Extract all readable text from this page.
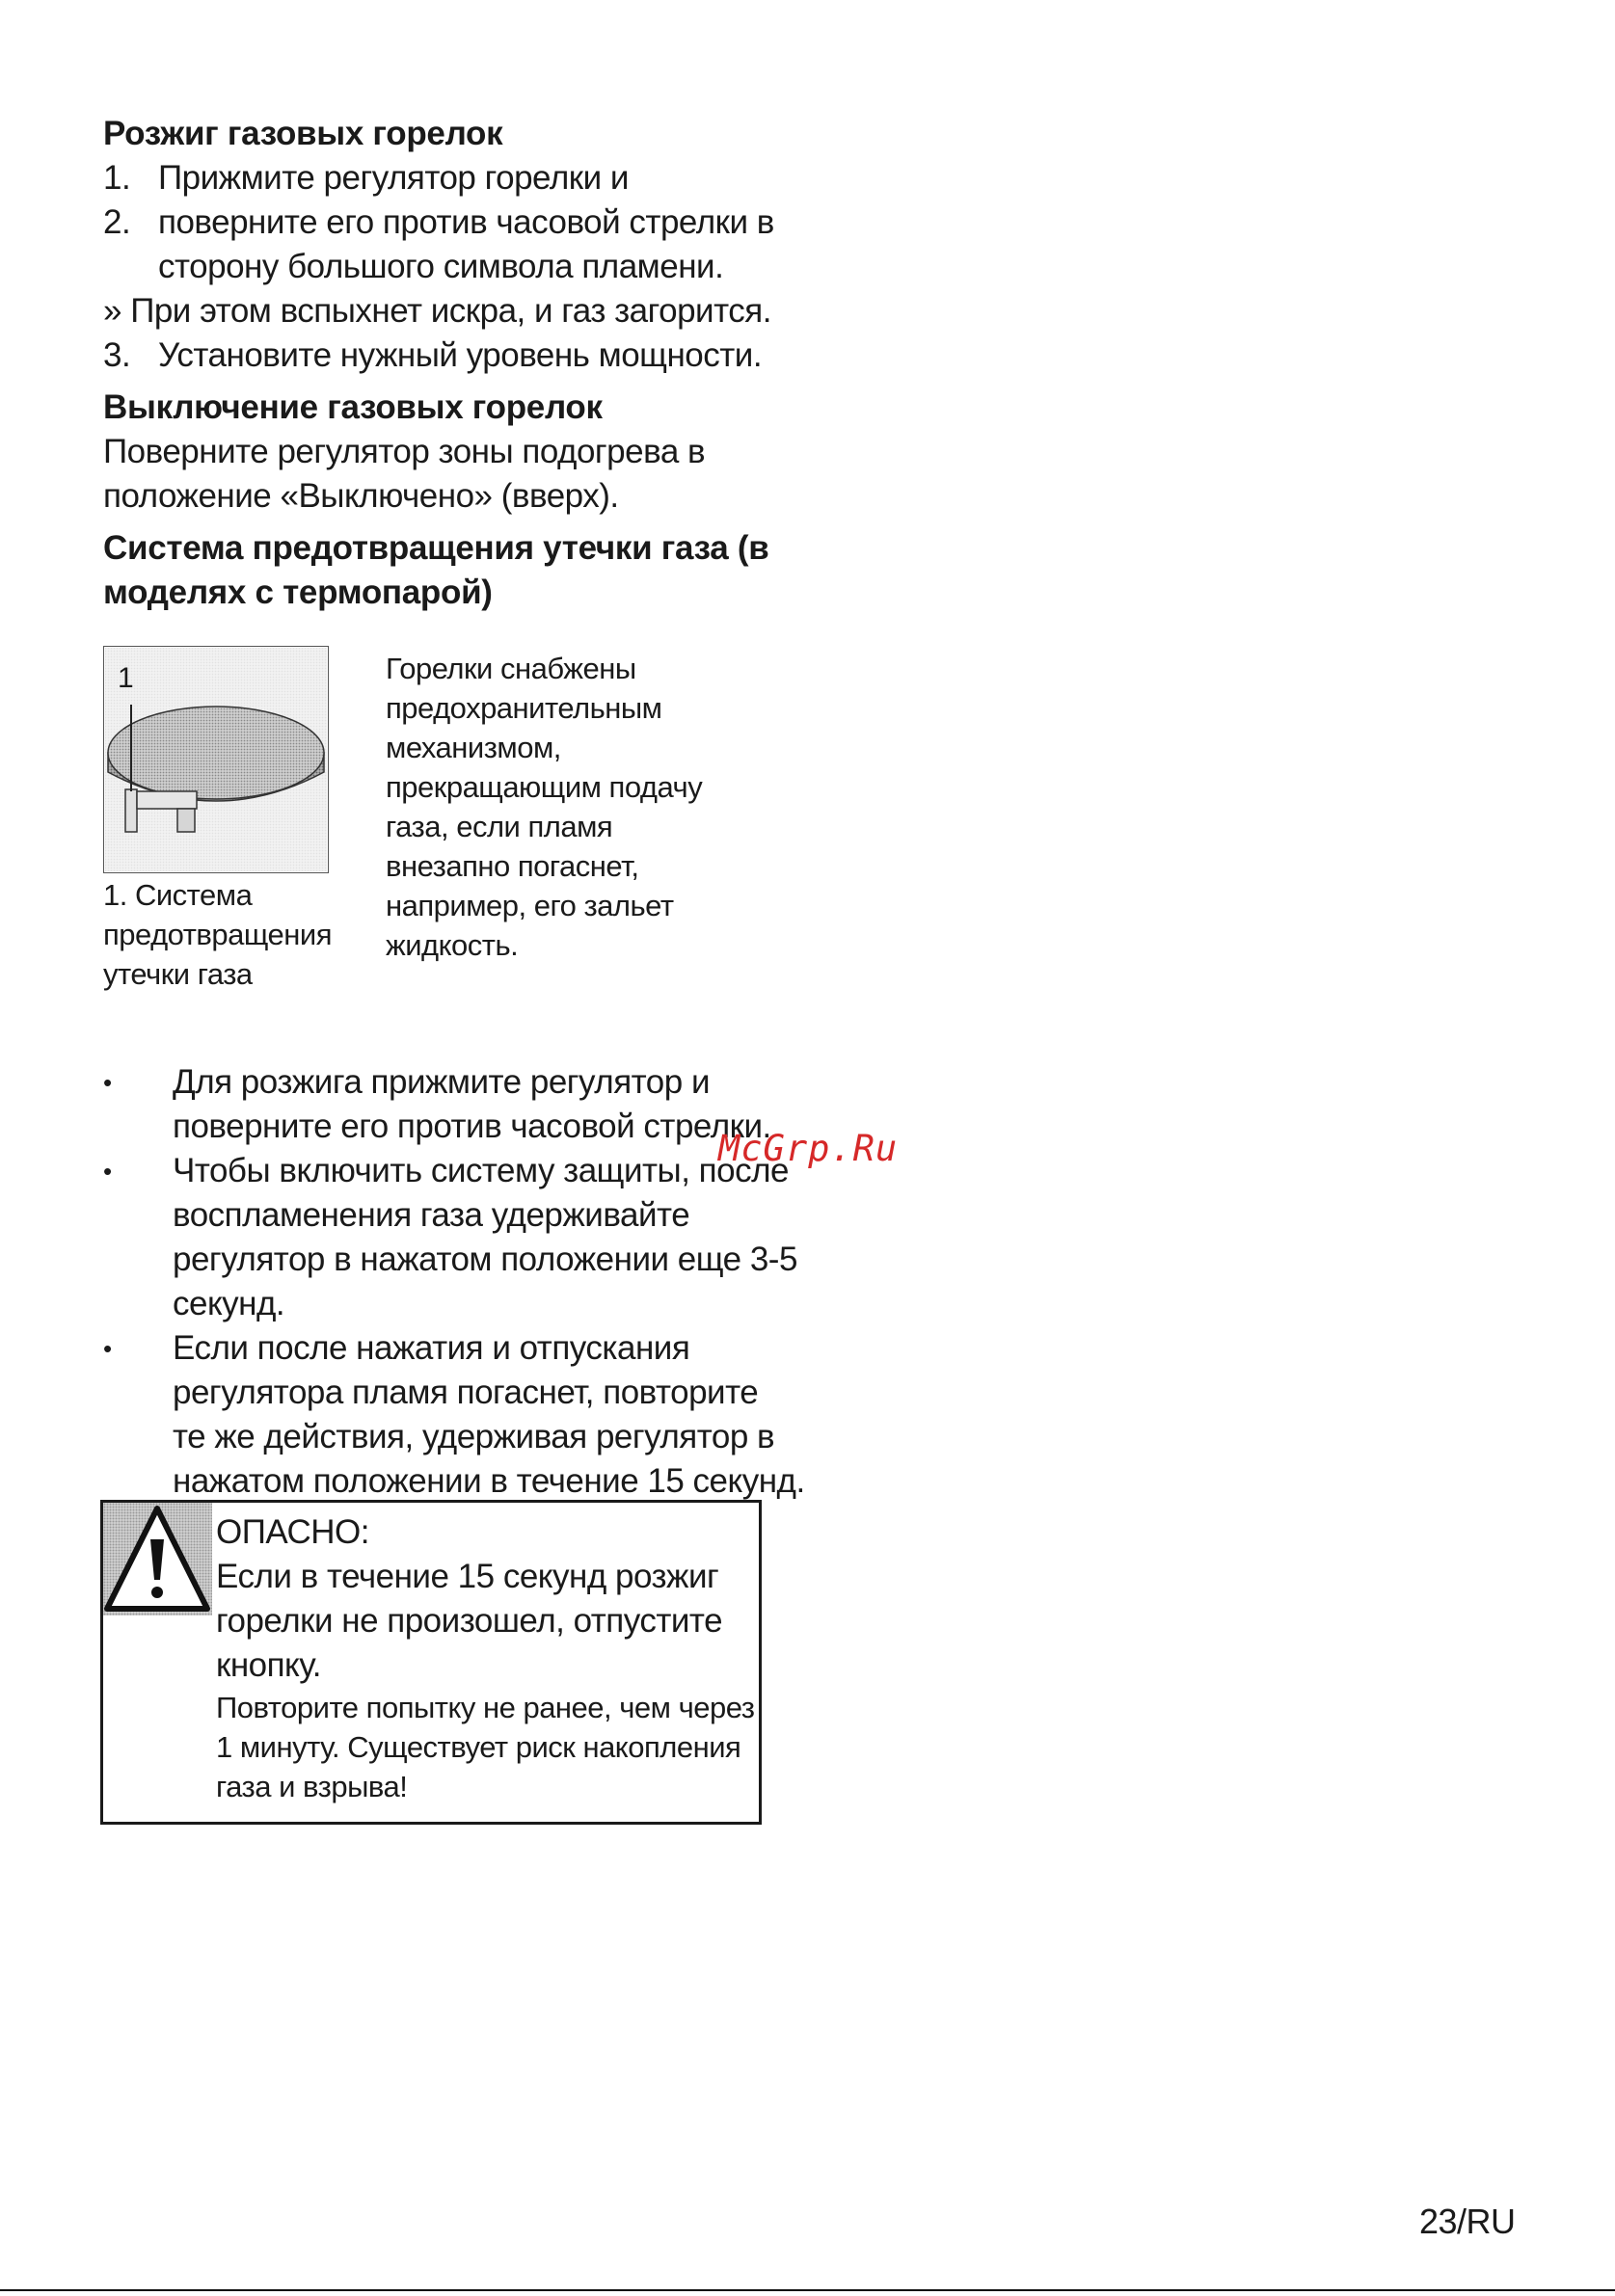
Розжиг газовых горелок
1. Прижмите регулятор горелки и
2. поверните его против часовой стрелки в
сторону большого символа пламени.
» При этом вспыхнет искра, и газ загорится.
3. Установите нужный уровень мощности.
Выключение газовых горелок
Поверните регулятор зоны подогрева в
положение «Выключено» (вверх).
Система предотвращения утечки газа (в
моделях с термопарой)
1
1. Система
предотвращения
утечки газа
Горелки снабжены
предохранительным
механизмом,
прекращающим подачу
газа, если пламя
внезапно погаснет,
например, его зальет
жидкость.
•	Для розжига прижмите регулятор и
поверните его против часовой стрелки.
•	Чтобы включить систему защиты, после
воспламенения газа удерживайте
регулятор в нажатом положении еще 3-5
секунд.
•	Если после нажатия и отпускания
регулятора пламя погаснет, повторите
те же действия, удерживая регулятор в
нажатом положении в течение 15 секунд.
McGrp.Ru
ОПАСНО:
Если в течение 15 секунд розжиг
горелки не произошел, отпустите
кнопку.
Повторите попытку не ранее, чем через
1 минуту. Существует риск накопления
газа и взрыва!
23/RU
